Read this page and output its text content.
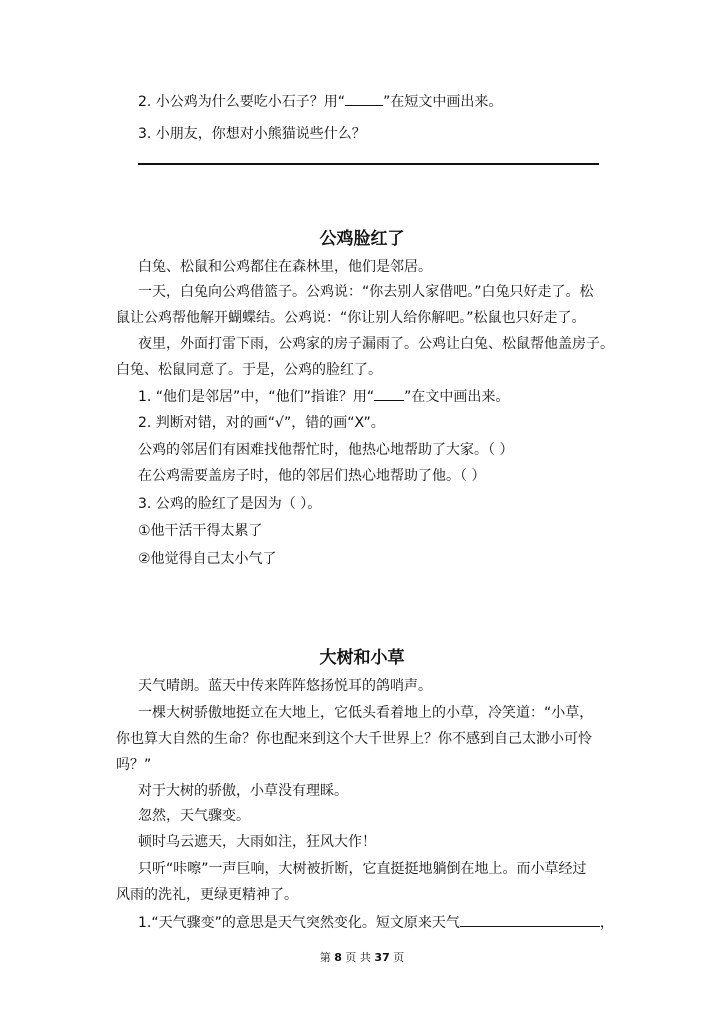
2. 小公鸡为什么要吃小石子？用“	”在短文中画出来。
3. 小朋友，你想对小熊猫说些什么？
公鸡脸红了
白兔、松鼠和公鸡都住在森林里，他们是邻居。
一天，白兔向公鸡借篮子。公鸡说：“你去别人家借吧。”白兔只好走了。松
鼠让公鸡帮他解开蝴蝶结。公鸡说：“你让别人给你解吧。”松鼠也只好走了。
夜里，外面打雷下雨，公鸡家的房子漏雨了。公鸡让白兔、松鼠帮他盖房子。
白兔、松鼠同意了。于是，公鸡的脸红了。
1. “他们是邻居”中，“他们”指谁？用“ ”在文中画出来。
2. 判断对错，对的画“√”，错的画“X”。
公鸡的邻居们有困难找他帮忙时，他热心地帮助了大家。（ ）
在公鸡需要盖房子时，他的邻居们热心地帮助了他。（ ）
3. 公鸡的脸红了是因为（ ）。
①他干活干得太累了
②他觉得自己太小气了
大树和小草
天气晴朗。蓝天中传来阵阵悠扬悦耳的鸽哨声。
一棵大树骄傲地挺立在大地上，它低头看着地上的小草，冷笑道：“小草，
你也算大自然的生命？你也配来到这个大千世界上？你不感到自己太渺小可怜
吗？”
对于大树的骄傲，小草没有理睬。
忽然，天气骤变。
顿时乌云遮天，大雨如注，狂风大作！
只听“咔嚓”一声巨响，大树被折断，它直挺挺地躺倒在地上。而小草经过
风雨的洗礼，更绿更精神了。
1.“天气骤变”的意思是天气突然变化。短文原来天气	，
第 8 页 共 37 页
